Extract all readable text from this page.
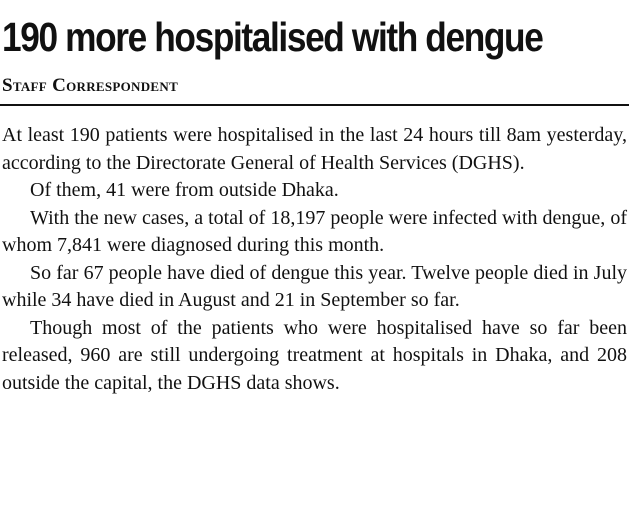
190 more hospitalised with dengue
Staff Correspondent

At least 190 patients were hospitalised in the last 24 hours till 8am yesterday, according to the Directorate General of Health Services (DGHS).

Of them, 41 were from outside Dhaka.

With the new cases, a total of 18,197 people were infected with dengue, of whom 7,841 were diagnosed during this month.

So far 67 people have died of dengue this year. Twelve people died in July while 34 have died in August and 21 in September so far.

Though most of the patients who were hospitalised have so far been released, 960 are still undergoing treatment at hospitals in Dhaka, and 208 outside the capital, the DGHS data shows.
